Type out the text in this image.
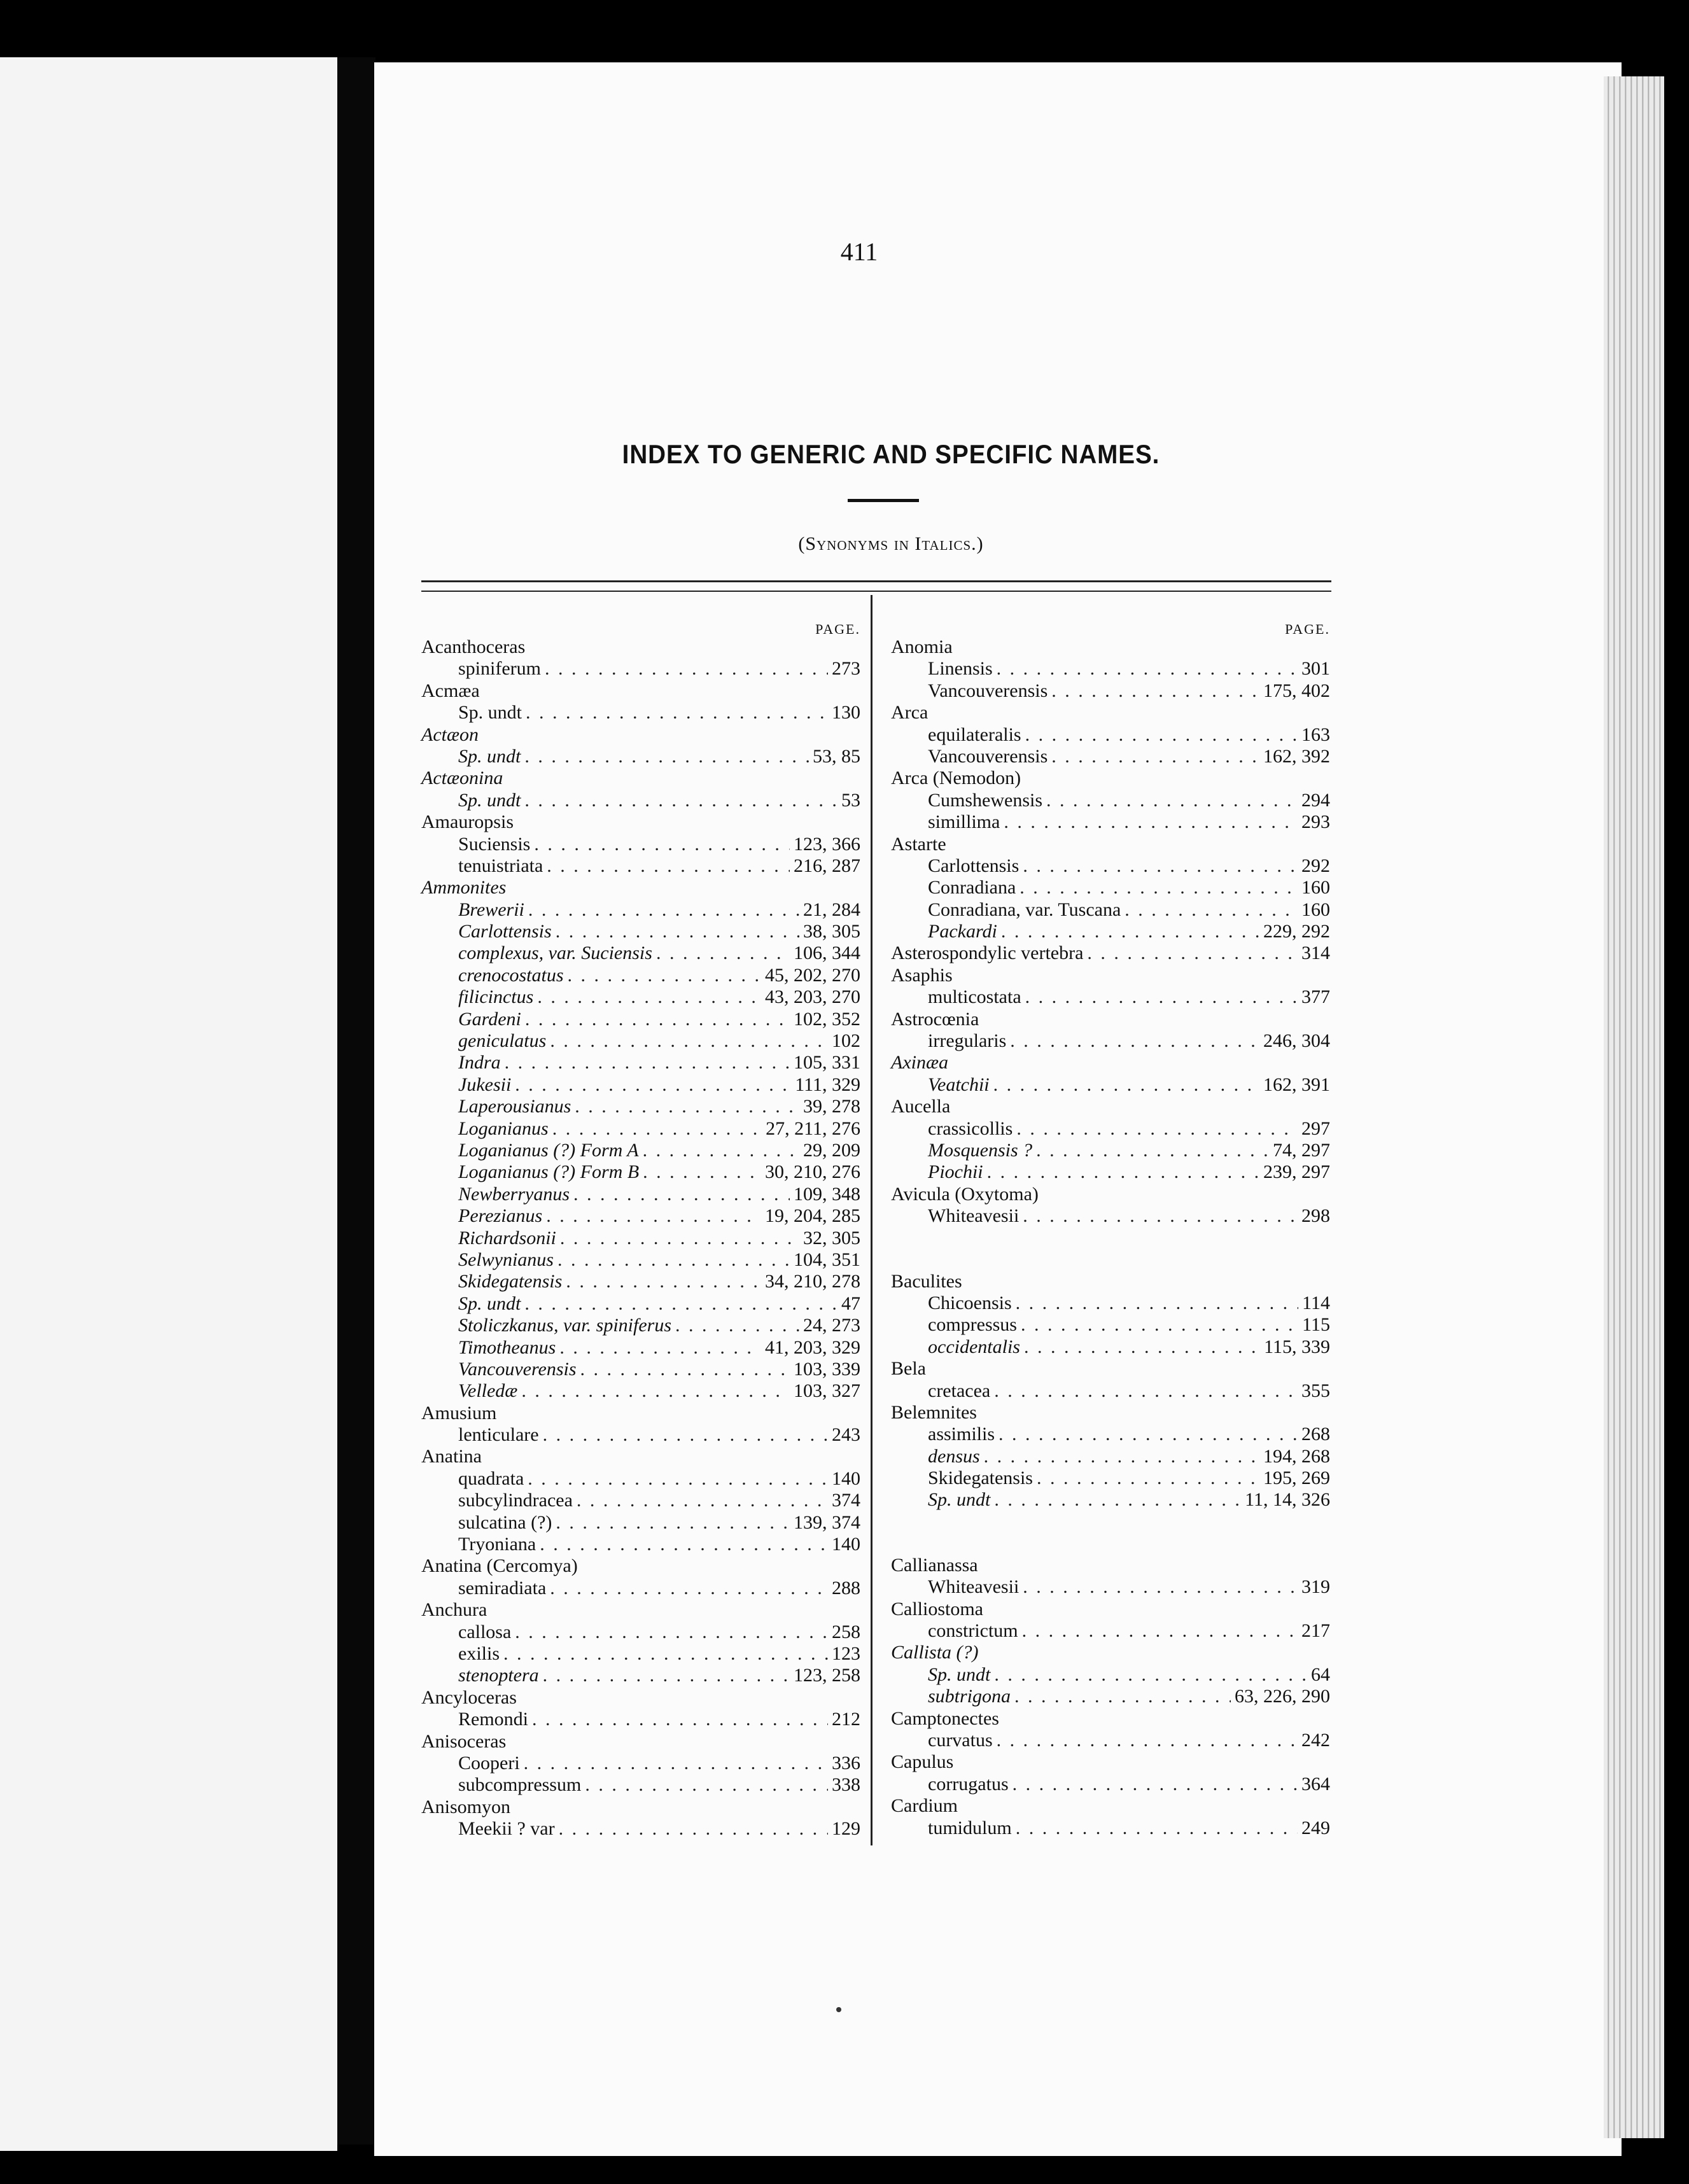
411
INDEX TO GENERIC AND SPECIFIC NAMES.
(Synonyms in Italics.)
PAGE.
Acanthoceras
spiniferum . . .	273
Acmæa
Sp. undt . . .	130
Actæon
Sp. undt . . .	53, 85
Actæonina
Sp. undt . . .	53
Amauropsis
Suciensis . . .	123, 366
tenuistriata . . .	216, 287
Ammonites
Brewerii . . .	21, 284
Carlottensis . . .	38, 305
complexus, var. Suciensis . . .	106, 344
crenocostatus . . .	45, 202, 270
filicinctus . . .	43, 203, 270
Gardeni . . .	102, 352
geniculatus . . .	102
Indra . . .	105, 331
Jukesii . . .	111, 329
Laperousianus . . .	39, 278
Loganianus . . .	27, 211, 276
Loganianus (?) Form A . . .	29, 209
Loganianus (?) Form B . . .	30, 210, 276
Newberryanus . . .	109, 348
Perezianus . . .	19, 204, 285
Richardsonii . . .	32, 305
Selwynianus . . .	104, 351
Skidegatensis . . .	34, 210, 278
Sp. undt . . .	47
Stoliczkanus, var. spiniferus . . .	24, 273
Timotheanus . . .	41, 203, 329
Vancouverensis . . .	103, 339
Velledæ . . .	103, 327
Amusium
lenticulare . . .	243
Anatina
quadrata . . .	140
subcylindracea . . .	374
sulcatina (?) . . .	139, 374
Tryoniana . . .	140
Anatina (Cercomya)
semiradiata . . .	288
Anchura
callosa . . .	258
exilis . . .	123
stenoptera . . .	123, 258
Ancyloceras
Remondi . . .	212
Anisoceras
Cooperi . . .	336
subcompressum . . .	338
Anisomyon
Meekii ? var . . .	129
PAGE.
Anomia
Linensis . . .	301
Vancouverensis . . .	175, 402
Arca
equilateralis . . .	163
Vancouverensis . . .	162, 392
Arca (Nemodon)
Cumshewensis . . .	294
simillima . . .	293
Astarte
Carlottensis . . .	292
Conradiana . . .	160
Conradiana, var. Tuscana . . .	160
Packardi . . .	229, 292
Asterospondylic vertebra . . .	314
Asaphis
multicostata . . .	377
Astrocœnia
irregularis . . .	246, 304
Axinæa
Veatchii . . .	162, 391
Aucella
crassicollis . . .	297
Mosquensis ? . . .	74, 297
Piochii . . .	239, 297
Avicula (Oxytoma)
Whiteavesii . . .	298
Baculites
Chicoensis . . .	114
compressus . . .	115
occidentalis . . .	115, 339
Bela
cretacea . . .	355
Belemnites
assimilis . . .	268
densus . . .	194, 268
Skidegatensis . . .	195, 269
Sp. undt . . .	11, 14, 326
Callianassa
Whiteavesii . . .	319
Calliostoma
constrictum . . .	217
Callista (?)
Sp. undt . . .	64
subtrigona . . .	63, 226, 290
Camptonectes
curvatus . . .	242
Capulus
corrugatus . . .	364
Cardium
tumidulum . . .	249
